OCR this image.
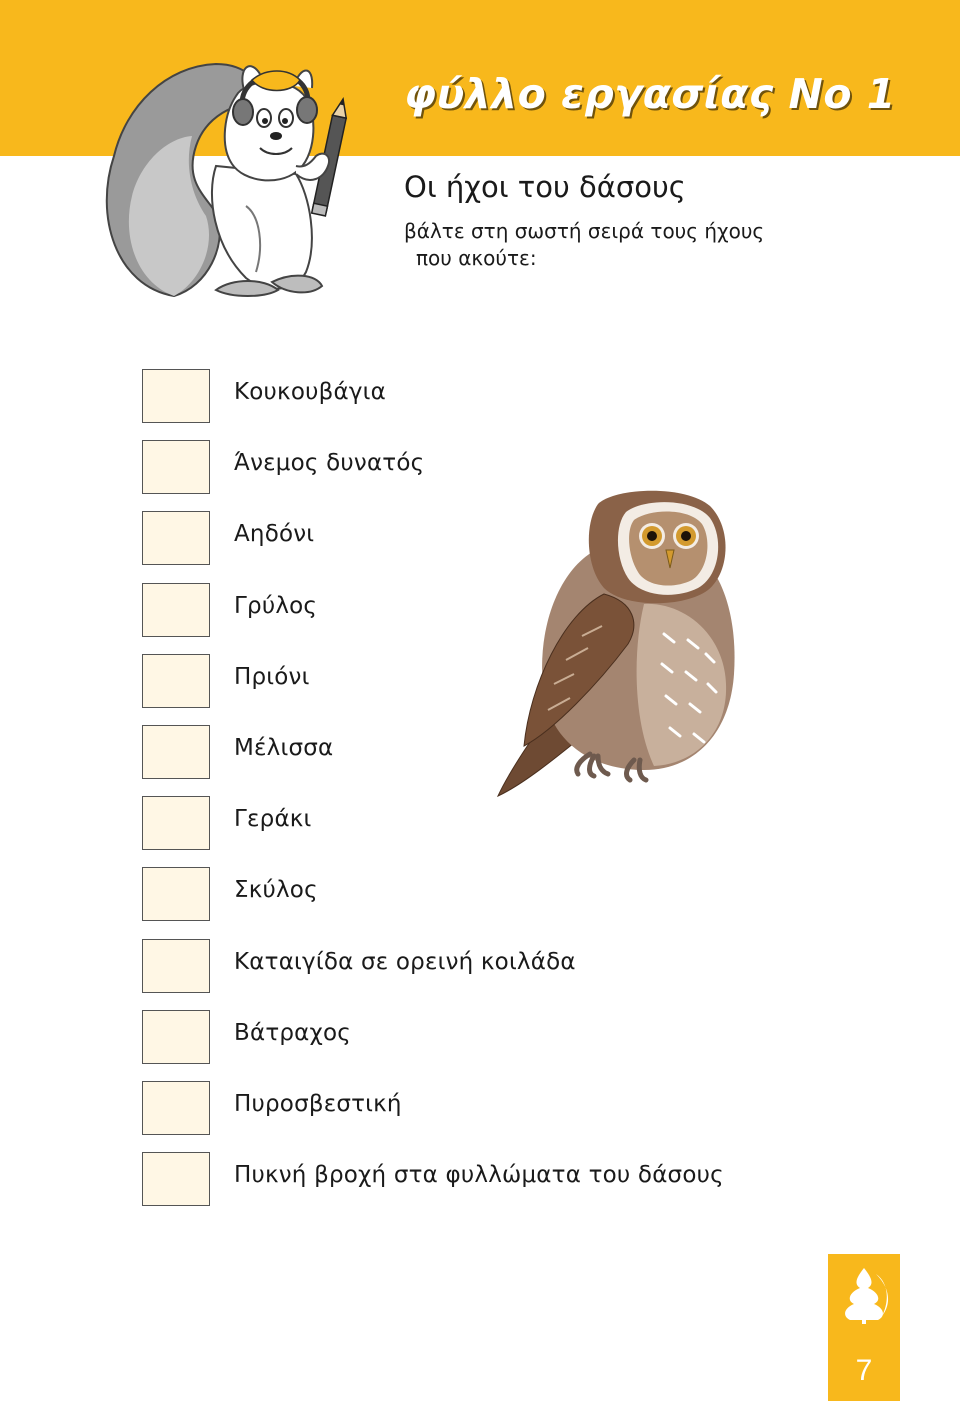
φύλλο εργασίας Νο 1
Οι ήχοι του δάσους
βάλτε στη σωστή σειρά τους ήχους
που ακούτε:
Κουκουβάγια
Άνεμος δυνατός
Αηδόνι
Γρύλος
Πριόνι
Μέλισσα
Γεράκι
Σκύλος
Καταιγίδα σε ορεινή κοιλάδα
Βάτραχος
Πυροσβεστική
Πυκνή βροχή στα φυλλώματα του δάσους
7
